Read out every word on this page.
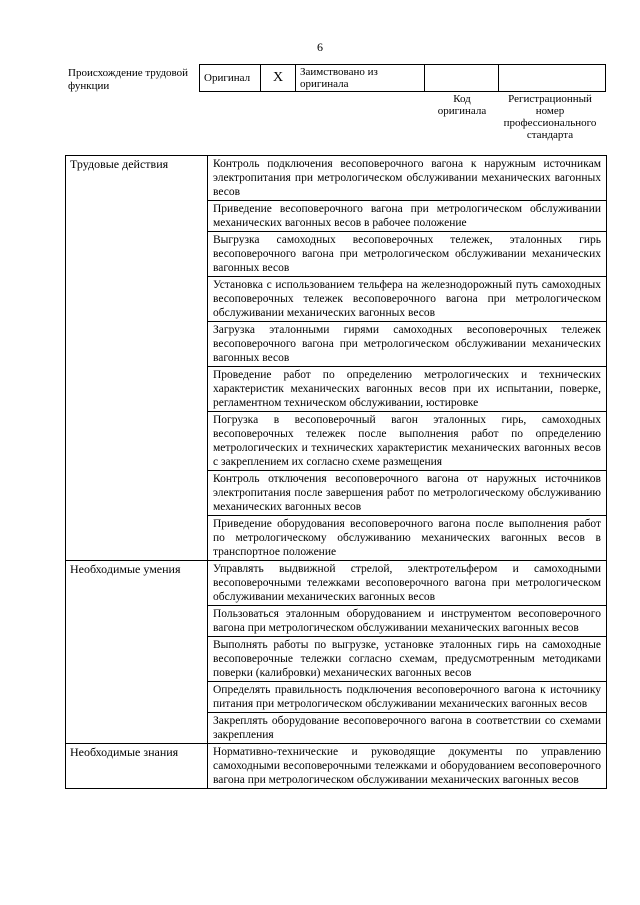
6
Происхождение трудовой функции
Оригинал	X	Заимствовано из оригинала		
Код оригинала
Регистрационный номер профессионального стандарта
Трудовые действия	Контроль подключения весоповерочного вагона к наружным источникам электропитания при метрологическом обслуживании механических вагонных весов
	Приведение весоповерочного вагона при метрологическом обслуживании механических вагонных весов в рабочее положение
	Выгрузка самоходных весоповерочных тележек, эталонных гирь весоповерочного вагона при метрологическом обслуживании механических вагонных весов
	Установка с использованием тельфера на железнодорожный путь самоходных весоповерочных тележек весоповерочного вагона при метрологическом обслуживании механических вагонных весов
	Загрузка эталонными гирями самоходных весоповерочных тележек весоповерочного вагона при метрологическом обслуживании механических вагонных весов
	Проведение работ по определению метрологических и технических характеристик механических вагонных весов при их испытании, поверке, регламентном техническом обслуживании, юстировке
	Погрузка в весоповерочный вагон эталонных гирь, самоходных весоповерочных тележек после выполнения работ по определению метрологических и технических характеристик механических вагонных весов с закреплением их согласно схеме размещения
	Контроль отключения весоповерочного вагона от наружных источников электропитания после завершения работ по метрологическому обслуживанию механических вагонных весов
	Приведение оборудования весоповерочного вагона после выполнения работ по метрологическому обслуживанию механических вагонных весов в транспортное положение
Необходимые умения	Управлять выдвижной стрелой, электротельфером и самоходными весоповерочными тележками весоповерочного вагона при метрологическом обслуживании механических вагонных весов
	Пользоваться эталонным оборудованием и инструментом весоповерочного вагона при метрологическом обслуживании механических вагонных весов
	Выполнять работы по выгрузке, установке эталонных гирь на самоходные весоповерочные тележки согласно схемам, предусмотренным методиками поверки (калибровки) механических вагонных весов
	Определять правильность подключения весоповерочного вагона к источнику питания при метрологическом обслуживании механических вагонных весов
	Закреплять оборудование весоповерочного вагона в соответствии со схемами закрепления
Необходимые знания	Нормативно-технические и руководящие документы по управлению самоходными весоповерочными тележками и оборудованием весоповерочного вагона при метрологическом обслуживании механических вагонных весов
